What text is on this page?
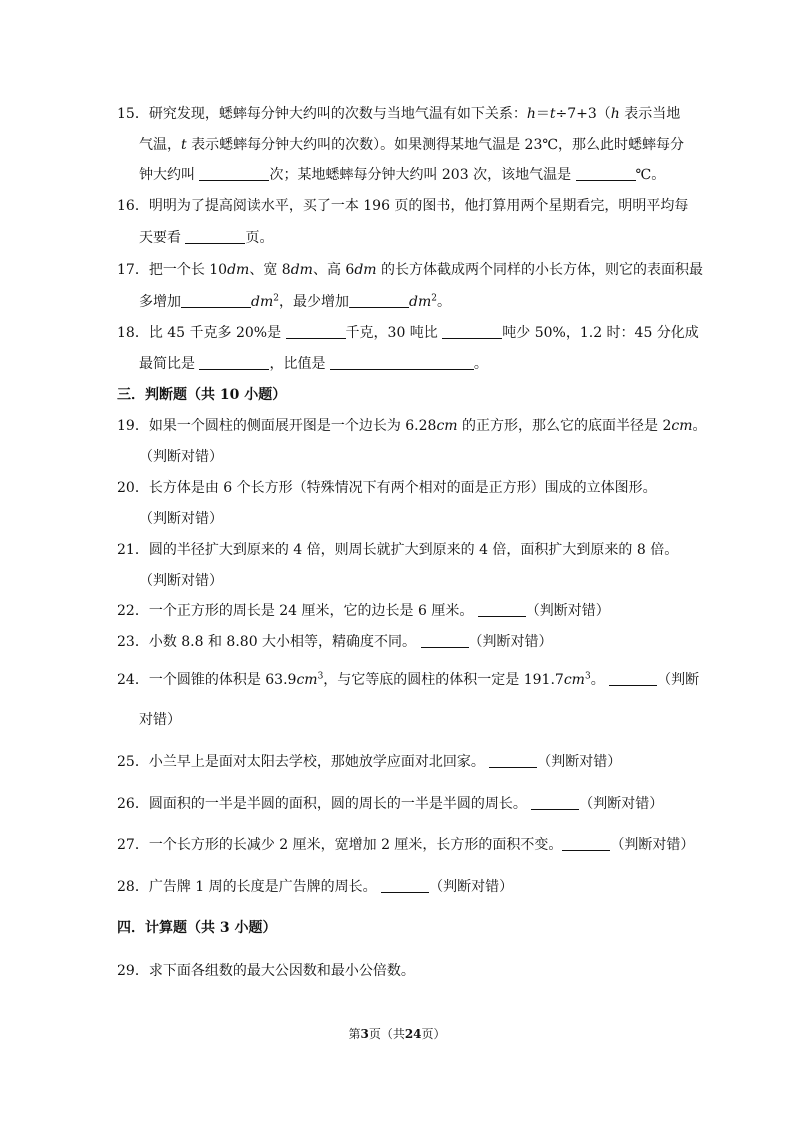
15．研究发现，蟋蟀每分钟大约叫的次数与当地气温有如下关系：h＝t÷7+3（h 表示当地
气温，t 表示蟋蟀每分钟大约叫的次数）。如果测得某地气温是 23℃，那么此时蟋蟀每分
钟大约叫	次；某地蟋蟀每分钟大约叫 203 次，该地气温是	℃。
16．明明为了提高阅读水平，买了一本 196 页的图书，他打算用两个星期看完，明明平均每
天要看	页。
17．把一个长 10dm、宽 8dm、高 6dm 的长方体截成两个同样的小长方体，则它的表面积最
多增加	$dm^2$，最少增加	$dm^2$。
18．比 45 千克多 20%是	千克，30 吨比	吨少 50%，1.2 时：45 分化成
最简比是	，比值是	。
三．判断题（共 10 小题）
19．如果一个圆柱的侧面展开图是一个边长为 6.28cm 的正方形，那么它的底面半径是 2cm。
（判断对错）
20．长方体是由 6 个长方形（特殊情况下有两个相对的面是正方形）围成的立体图形。
（判断对错）
21．圆的半径扩大到原来的 4 倍，则周长就扩大到原来的 4 倍，面积扩大到原来的 8 倍。
（判断对错）
22．一个正方形的周长是 24 厘米，它的边长是 6 厘米。	（判断对错）
23．小数 8.8 和 8.80 大小相等，精确度不同。	（判断对错）
24．一个圆锥的体积是 $63.9cm^3$，与它等底的圆柱的体积一定是 $191.7cm^3$。	（判断
对错）
25．小兰早上是面对太阳去学校，那她放学应面对北回家。	（判断对错）
26．圆面积的一半是半圆的面积，圆的周长的一半是半圆的周长。	（判断对错）
27．一个长方形的长减少 2 厘米，宽增加 2 厘米，长方形的面积不变。	（判断对错）
28．广告牌 1 周的长度是广告牌的周长。	（判断对错）
四．计算题（共 3 小题）
29．求下面各组数的最大公因数和最小公倍数。
第3页（共24页）
